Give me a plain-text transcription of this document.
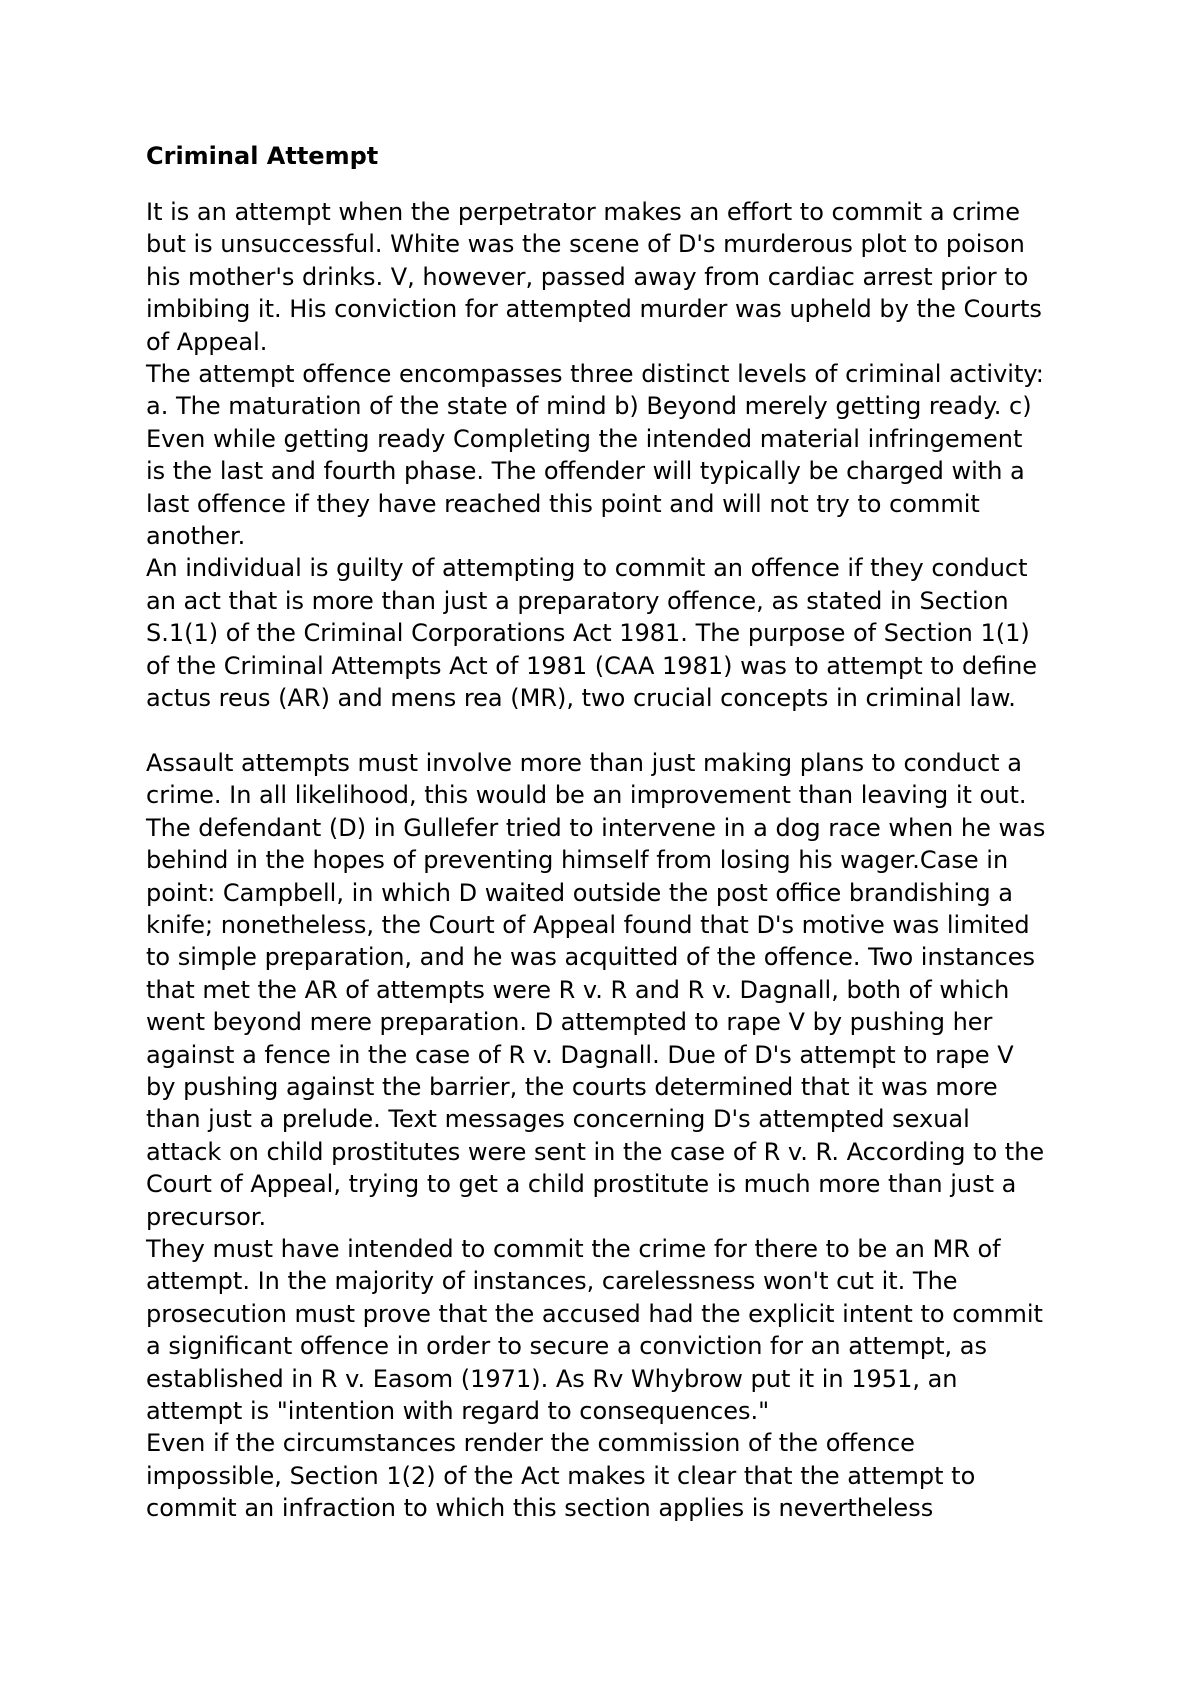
Criminal Attempt
It is an attempt when the perpetrator makes an effort to commit a crime
but is unsuccessful. White was the scene of D's murderous plot to poison
his mother's drinks. V, however, passed away from cardiac arrest prior to
imbibing it. His conviction for attempted murder was upheld by the Courts
of Appeal.
The attempt offence encompasses three distinct levels of criminal activity:
a. The maturation of the state of mind b) Beyond merely getting ready. c)
Even while getting ready Completing the intended material infringement
is the last and fourth phase. The offender will typically be charged with a
last offence if they have reached this point and will not try to commit
another.
An individual is guilty of attempting to commit an offence if they conduct
an act that is more than just a preparatory offence, as stated in Section
S.1(1) of the Criminal Corporations Act 1981. The purpose of Section 1(1)
of the Criminal Attempts Act of 1981 (CAA 1981) was to attempt to define
actus reus (AR) and mens rea (MR), two crucial concepts in criminal law.
Assault attempts must involve more than just making plans to conduct a
crime. In all likelihood, this would be an improvement than leaving it out.
The defendant (D) in Gullefer tried to intervene in a dog race when he was
behind in the hopes of preventing himself from losing his wager.Case in
point: Campbell, in which D waited outside the post office brandishing a
knife; nonetheless, the Court of Appeal found that D's motive was limited
to simple preparation, and he was acquitted of the offence. Two instances
that met the AR of attempts were R v. R and R v. Dagnall, both of which
went beyond mere preparation. D attempted to rape V by pushing her
against a fence in the case of R v. Dagnall. Due of D's attempt to rape V
by pushing against the barrier, the courts determined that it was more
than just a prelude. Text messages concerning D's attempted sexual
attack on child prostitutes were sent in the case of R v. R. According to the
Court of Appeal, trying to get a child prostitute is much more than just a
precursor.
They must have intended to commit the crime for there to be an MR of
attempt. In the majority of instances, carelessness won't cut it. The
prosecution must prove that the accused had the explicit intent to commit
a significant offence in order to secure a conviction for an attempt, as
established in R v. Easom (1971). As Rv Whybrow put it in 1951, an
attempt is "intention with regard to consequences."
Even if the circumstances render the commission of the offence
impossible, Section 1(2) of the Act makes it clear that the attempt to
commit an infraction to which this section applies is nevertheless
